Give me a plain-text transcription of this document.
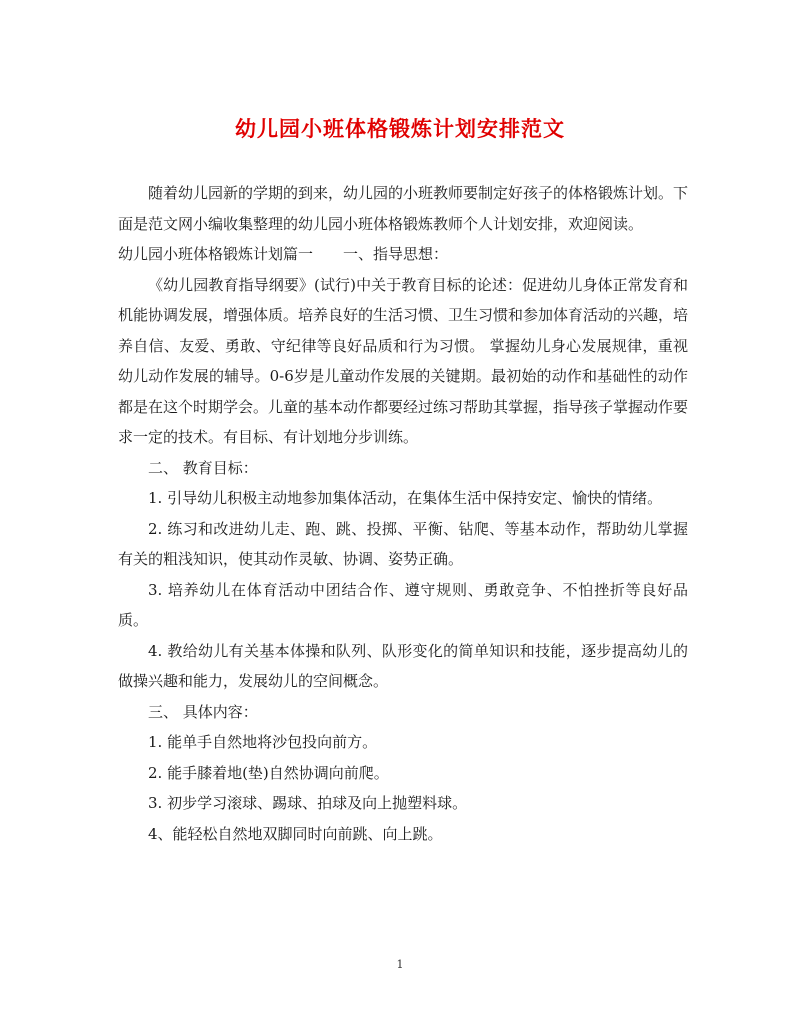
幼儿园小班体格锻炼计划安排范文

随着幼儿园新的学期的到来，幼儿园的小班教师要制定好孩子的体格锻炼计划。下面是范文网小编收集整理的幼儿园小班体格锻炼教师个人计划安排，欢迎阅读。

幼儿园小班体格锻炼计划篇一　　一、指导思想：

《幼儿园教育指导纲要》(试行)中关于教育目标的论述：促进幼儿身体正常发育和机能协调发展，增强体质。培养良好的生活习惯、卫生习惯和参加体育活动的兴趣，培养自信、友爱、勇敢、守纪律等良好品质和行为习惯。 掌握幼儿身心发展规律，重视幼儿动作发展的辅导。0-6岁是儿童动作发展的关键期。最初始的动作和基础性的动作都是在这个时期学会。儿童的基本动作都要经过练习帮助其掌握，指导孩子掌握动作要求一定的技术。有目标、有计划地分步训练。

二、 教育目标：

1. 引导幼儿积极主动地参加集体活动，在集体生活中保持安定、愉快的情绪。

2. 练习和改进幼儿走、跑、跳、投掷、平衡、钻爬、等基本动作，帮助幼儿掌握有关的粗浅知识，使其动作灵敏、协调、姿势正确。

3. 培养幼儿在体育活动中团结合作、遵守规则、勇敢竞争、不怕挫折等良好品质。

4. 教给幼儿有关基本体操和队列、队形变化的简单知识和技能，逐步提高幼儿的做操兴趣和能力，发展幼儿的空间概念。

三、 具体内容：

1. 能单手自然地将沙包投向前方。

2. 能手膝着地(垫)自然协调向前爬。

3. 初步学习滚球、踢球、拍球及向上抛塑料球。

4、能轻松自然地双脚同时向前跳、向上跳。

1
